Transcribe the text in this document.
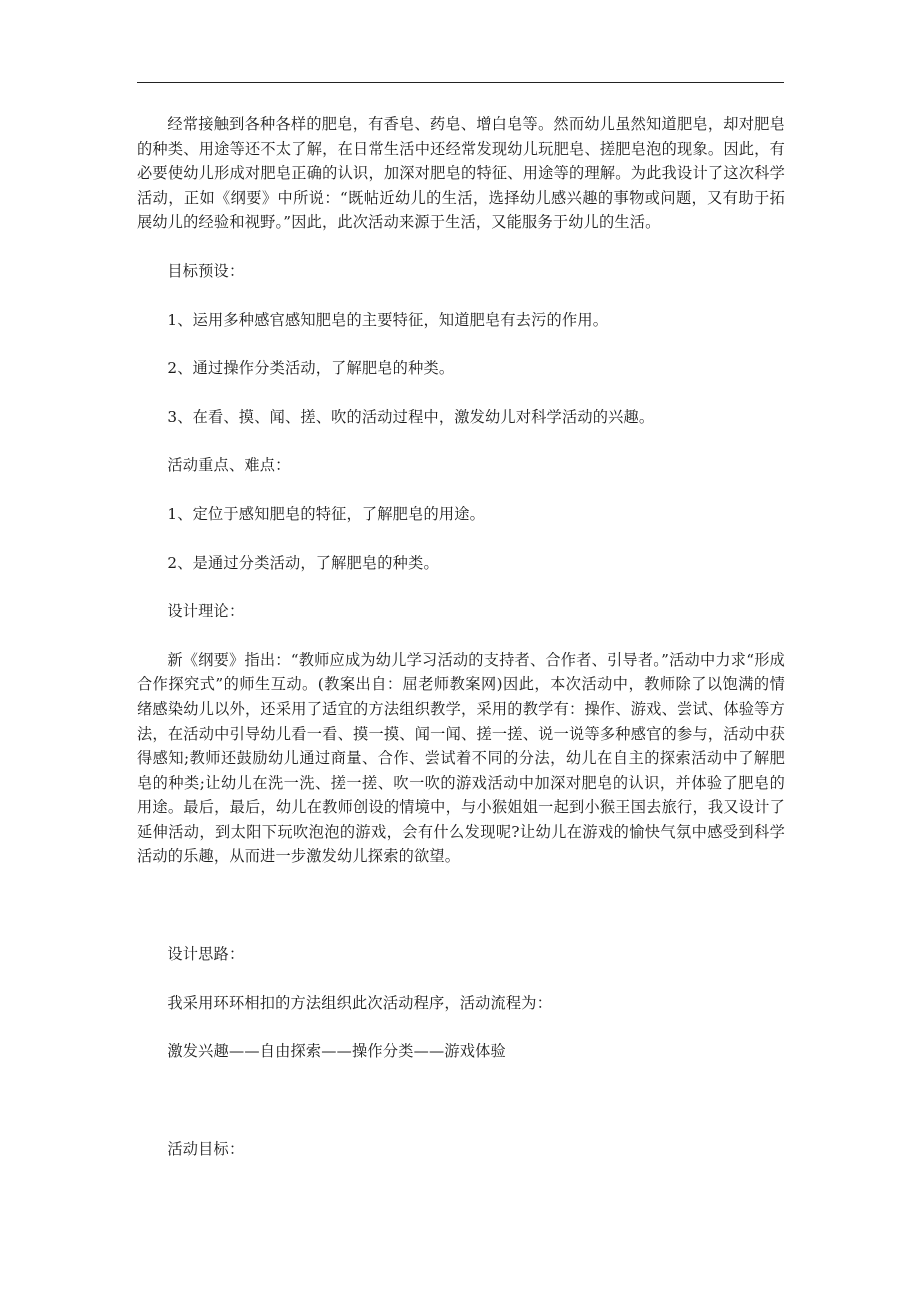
经常接触到各种各样的肥皂，有香皂、药皂、增白皂等。然而幼儿虽然知道肥皂，却对肥皂的种类、用途等还不太了解，在日常生活中还经常发现幼儿玩肥皂、搓肥皂泡的现象。因此，有必要使幼儿形成对肥皂正确的认识，加深对肥皂的特征、用途等的理解。为此我设计了这次科学活动，正如《纲要》中所说：“既帖近幼儿的生活，选择幼儿感兴趣的事物或问题，又有助于拓展幼儿的经验和视野。”因此，此次活动来源于生活，又能服务于幼儿的生活。

目标预设：

1、运用多种感官感知肥皂的主要特征，知道肥皂有去污的作用。

2、通过操作分类活动，了解肥皂的种类。

3、在看、摸、闻、搓、吹的活动过程中，激发幼儿对科学活动的兴趣。

活动重点、难点：

1、定位于感知肥皂的特征，了解肥皂的用途。

2、是通过分类活动，了解肥皂的种类。

设计理论：

新《纲要》指出：“教师应成为幼儿学习活动的支持者、合作者、引导者。”活动中力求“形成合作探究式”的师生互动。(教案出自：屈老师教案网)因此，本次活动中，教师除了以饱满的情绪感染幼儿以外，还采用了适宜的方法组织教学，采用的教学有：操作、游戏、尝试、体验等方法，在活动中引导幼儿看一看、摸一摸、闻一闻、搓一搓、说一说等多种感官的参与，活动中获得感知;教师还鼓励幼儿通过商量、合作、尝试着不同的分法，幼儿在自主的探索活动中了解肥皂的种类;让幼儿在洗一洗、搓一搓、吹一吹的游戏活动中加深对肥皂的认识，并体验了肥皂的用途。最后，最后，幼儿在教师创设的情境中，与小猴姐姐一起到小猴王国去旅行，我又设计了延伸活动，到太阳下玩吹泡泡的游戏，会有什么发现呢?让幼儿在游戏的愉快气氛中感受到科学活动的乐趣，从而进一步激发幼儿探索的欲望。

设计思路：

我采用环环相扣的方法组织此次活动程序，活动流程为：

激发兴趣——自由探索——操作分类——游戏体验

活动目标：
